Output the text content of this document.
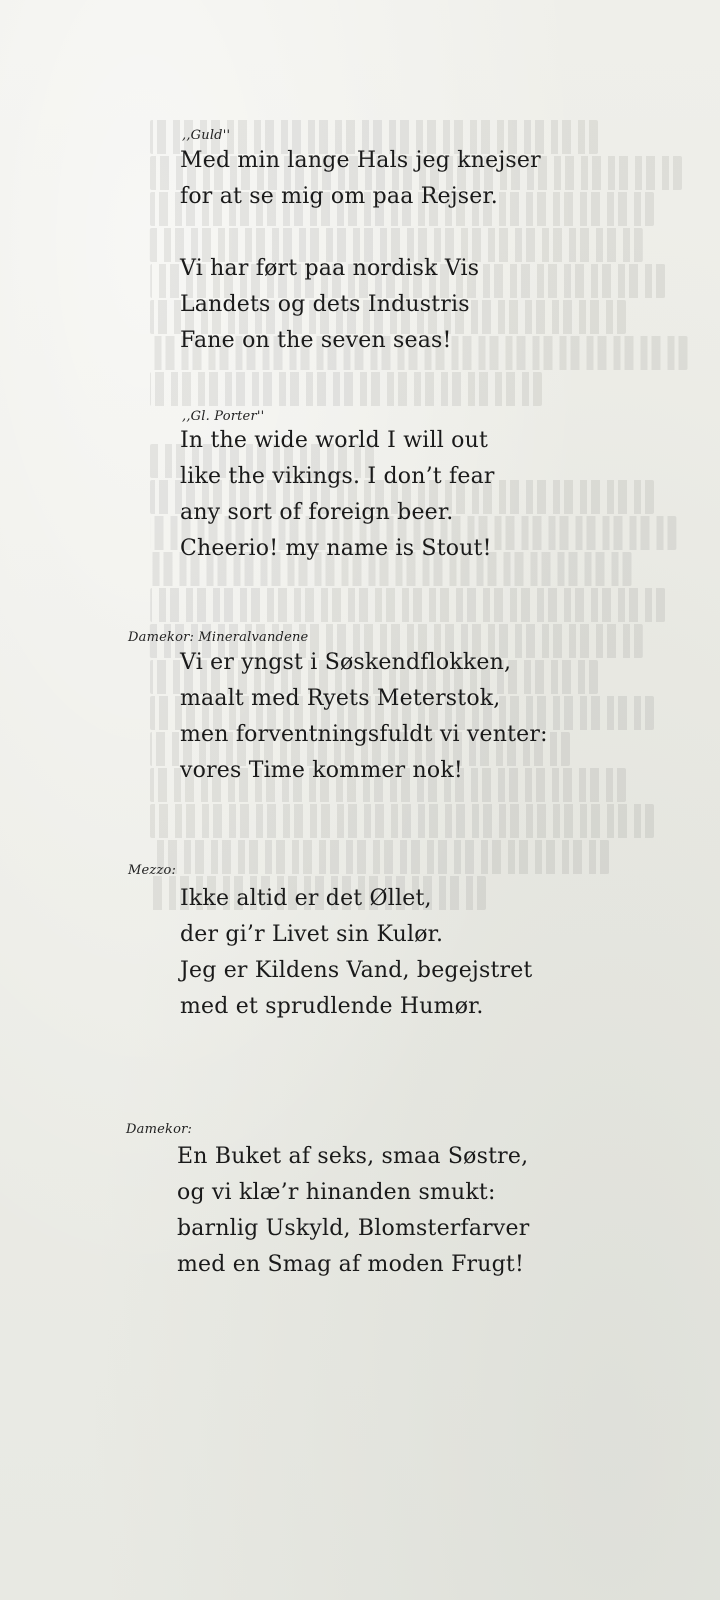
,,Guld''
Med min lange Hals jeg knejser
for at se mig om paa Rejser.
Vi har ført paa nordisk Vis
Landets og dets Industris
Fane on the seven seas!
,,Gl. Porter''
In the wide world I will out
like the vikings. I don’t fear
any sort of foreign beer.
Cheerio! my name is Stout!
Damekor: Mineralvandene
Vi er yngst i Søskendflokken,
maalt med Ryets Meterstok,
men forventningsfuldt vi venter:
vores Time kommer nok!
Mezzo:
Ikke altid er det Øllet,
der gi’r Livet sin Kulør.
Jeg er Kildens Vand, begejstret
med et sprudlende Humør.
Damekor:
En Buket af seks, smaa Søstre,
og vi klæ’r hinanden smukt:
barnlig Uskyld, Blomsterfarver
med en Smag af moden Frugt!
